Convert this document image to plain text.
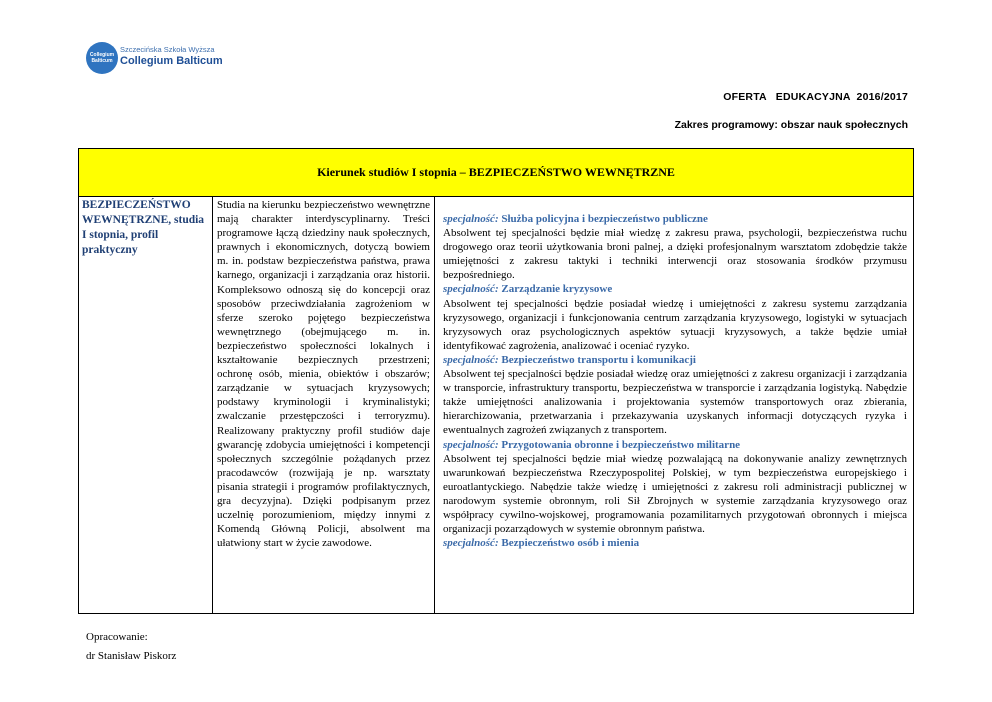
Collegium Balticum
Szczecińska Szkoła Wyższa
Collegium Balticum
OFERTA   EDUKACYJNA  2016/2017
Zakres programowy: obszar nauk społecznych
Kierunek studiów I stopnia – BEZPIECZEŃSTWO WEWNĘTRZNE
BEZPIECZEŃSTWO WEWNĘTRZNE, studia I stopnia, profil praktyczny
Studia na kierunku bezpieczeństwo wewnętrzne mają charakter interdyscyplinarny. Treści programowe łączą dziedziny nauk społecznych, prawnych i ekonomicznych, dotyczą bowiem m. in. podstaw bezpieczeństwa państwa, prawa karnego, organizacji i zarządzania oraz historii. Kompleksowo odnoszą się do koncepcji oraz sposobów przeciwdziałania zagrożeniom w sferze szeroko pojętego bezpieczeństwa wewnętrznego (obejmującego m. in. bezpieczeństwo społeczności lokalnych i kształtowanie bezpiecznych przestrzeni; ochronę osób, mienia, obiektów i obszarów; zarządzanie w sytuacjach kryzysowych; podstawy kryminologii i kryminalistyki; zwalczanie przestępczości i terroryzmu). Realizowany praktyczny profil studiów daje gwarancję zdobycia umiejętności i kompetencji społecznych szczególnie pożądanych przez pracodawców (rozwijają je np. warsztaty pisania strategii i programów profilaktycznych, gra decyzyjna). Dzięki podpisanym przez uczelnię porozumieniom, między innymi z Komendą Główną Policji, absolwent ma ułatwiony start w życie zawodowe.
specjalność: Służba policyjna i bezpieczeństwo publiczne

Absolwent tej specjalności będzie miał wiedzę z zakresu prawa, psychologii, bezpieczeństwa ruchu drogowego oraz teorii użytkowania broni palnej, a dzięki profesjonalnym warsztatom zdobędzie także umiejętności z zakresu taktyki i techniki interwencji oraz stosowania środków przymusu bezpośredniego.

specjalność: Zarządzanie kryzysowe

Absolwent tej specjalności będzie posiadał wiedzę i umiejętności z zakresu systemu zarządzania kryzysowego, organizacji i funkcjonowania centrum zarządzania kryzysowego, logistyki w sytuacjach kryzysowych oraz psychologicznych aspektów sytuacji kryzysowych, a także będzie umiał identyfikować zagrożenia, analizować i oceniać ryzyko.

specjalność: Bezpieczeństwo transportu i komunikacji

Absolwent tej specjalności będzie posiadał wiedzę oraz umiejętności z zakresu organizacji i zarządzania w transporcie, infrastruktury transportu, bezpieczeństwa w transporcie i zarządzania logistyką. Nabędzie także umiejętności analizowania i projektowania systemów transportowych oraz zbierania, hierarchizowania, przetwarzania i przekazywania uzyskanych informacji dotyczących ryzyka i ewentualnych zagrożeń związanych z transportem.

specjalność: Przygotowania obronne i bezpieczeństwo militarne

Absolwent tej specjalności będzie miał wiedzę pozwalającą na dokonywanie analizy zewnętrznych uwarunkowań bezpieczeństwa Rzeczypospolitej Polskiej, w tym bezpieczeństwa europejskiego i euroatlantyckiego. Nabędzie także wiedzę i umiejętności z zakresu roli administracji publicznej w narodowym systemie obronnym, roli Sił Zbrojnych w systemie zarządzania kryzysowego oraz współpracy cywilno-wojskowej, programowania pozamilitarnych przygotowań obronnych i miejsca organizacji pozarządowych w systemie obronnym państwa.

specjalność: Bezpieczeństwo osób i mienia
Opracowanie:
dr Stanisław Piskorz
